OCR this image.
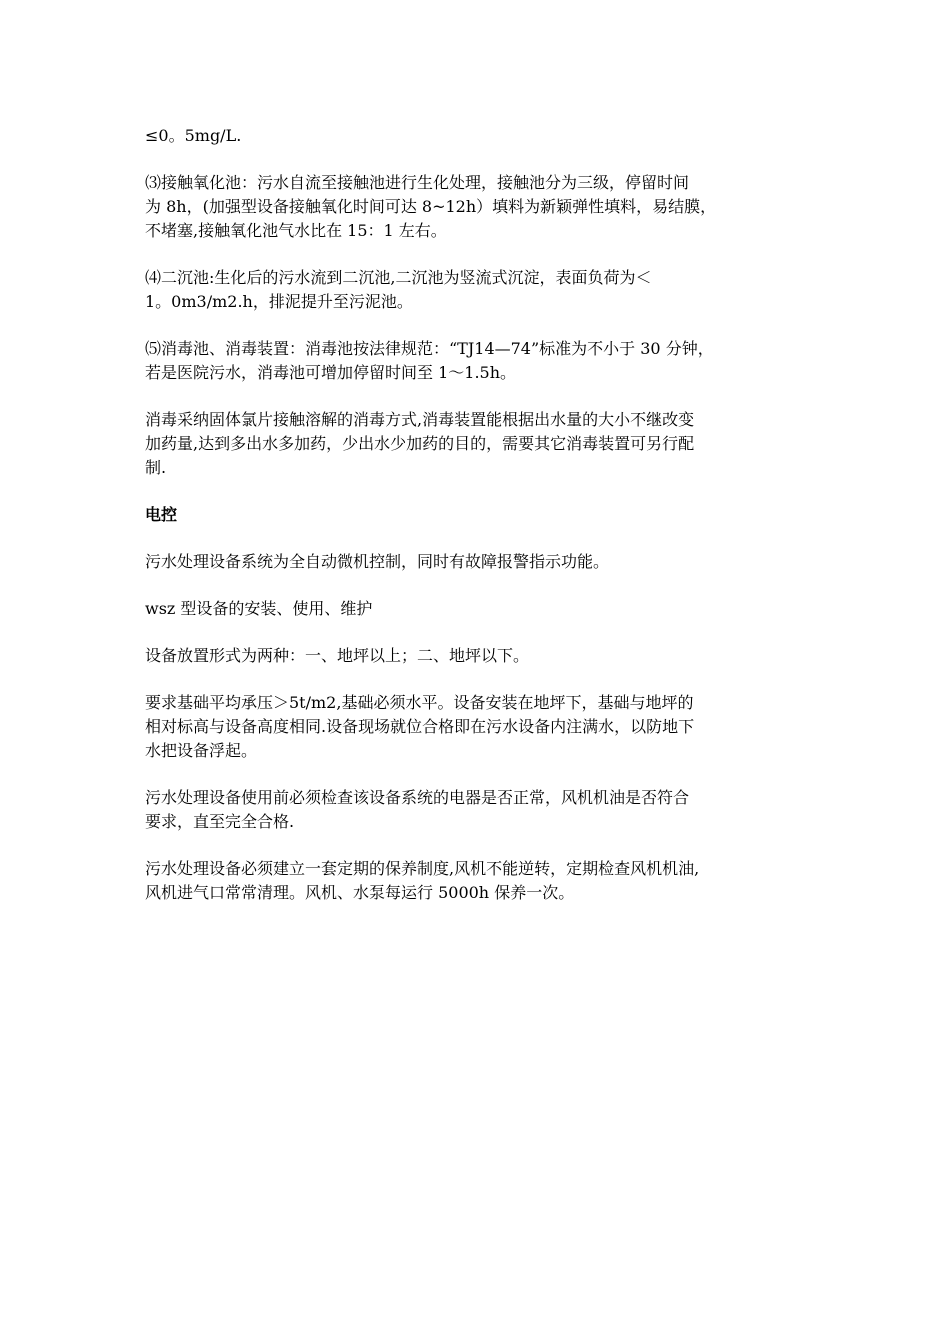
≤0。5mg/L.

⑶接触氧化池：污水自流至接触池进行生化处理，接触池分为三级，停留时间
为 8h，(加强型设备接触氧化时间可达 8~12h）填料为新颖弹性填料，易结膜，
不堵塞,接触氧化池气水比在 15：1 左右。

⑷二沉池:生化后的污水流到二沉池,二沉池为竖流式沉淀，表面负荷为＜
1。0m3/m2.h，排泥提升至污泥池。

⑸消毒池、消毒装置：消毒池按法律规范：“TJ14—74”标准为不小于 30 分钟，
若是医院污水，消毒池可增加停留时间至 1～1.5h。

消毒采纳固体氯片接触溶解的消毒方式,消毒装置能根据出水量的大小不继改变
加药量,达到多出水多加药，少出水少加药的目的，需要其它消毒装置可另行配
制.

电控

污水处理设备系统为全自动微机控制，同时有故障报警指示功能。

wsz 型设备的安装、使用、维护

设备放置形式为两种：一、地坪以上；二、地坪以下。

要求基础平均承压＞5t/m2,基础必须水平。设备安装在地坪下，基础与地坪的
相对标高与设备高度相同.设备现场就位合格即在污水设备内注满水，以防地下
水把设备浮起。

污水处理设备使用前必须检查该设备系统的电器是否正常，风机机油是否符合
要求，直至完全合格.

污水处理设备必须建立一套定期的保养制度,风机不能逆转，定期检查风机机油,
风机进气口常常清理。风机、水泵每运行 5000h 保养一次。
